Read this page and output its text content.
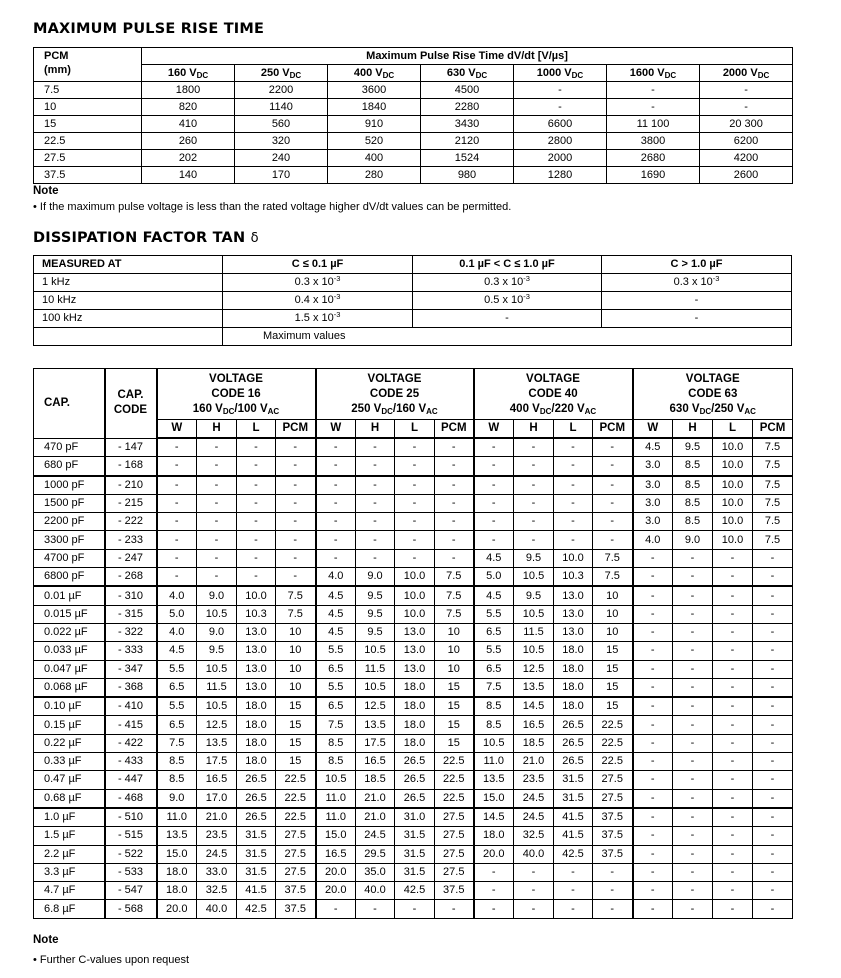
MAXIMUM PULSE RISE TIME
PCM
(mm)	Maximum Pulse Rise Time dV/dt [V/µs]						
	160 $V_{DC}$	250 $V_{DC}$	400 $V_{DC}$	630 $V_{DC}$	1000 $V_{DC}$	1600 $V_{DC}$	2000 $V_{DC}$
7.5	1800	2200	3600	4500	-	-	-
10	820	1140	1840	2280	-	-	-
15	410	560	910	3430	6600	11 100	20 300
22.5	260	320	520	2120	2800	3800	6200
27.5	202	240	400	1524	2000	2680	4200
37.5	140	170	280	980	1280	1690	2600
Note
• If the maximum pulse voltage is less than the rated voltage higher dV/dt values can be permitted.
DISSIPATION FACTOR TAN δ
MEASURED AT	C ≤ 0.1 µF	0.1 µF < C ≤ 1.0 µF	C > 1.0 µF
1 kHz	0.3 x $10^{-3}$	0.3 x $10^{-3}$	0.3 x $10^{-3}$
10 kHz	0.4 x $10^{-3}$	0.5 x $10^{-3}$	-
100 kHz	1.5 x $10^{-3}$	-	-
	Maximum values		
CAP.	
CAP.
CODE

VOLTAGE
CODE 16
160 $V_{DC}/100$ $V_{AC}$

VOLTAGE
CODE 25
250 $V_{DC}/160$ $V_{AC}$

VOLTAGE
CODE 40
400 $V_{DC}/220$ $V_{AC}$

VOLTAGE
CODE 63
630 $V_{DC}/250$ $V_{AC}$

		W	H	L	PCM	W	H	L	PCM	W	H	L	PCM	W	H	L	PCM
470 pF	- 147	-	-	-	-	-	-	-	-	-	-	-	-	4.5	9.5	10.0	7.5
680 pF	- 168	-	-	-	-	-	-	-	-	-	-	-	-	3.0	8.5	10.0	7.5
1000 pF	- 210	-	-	-	-	-	-	-	-	-	-	-	-	3.0	8.5	10.0	7.5
1500 pF	- 215	-	-	-	-	-	-	-	-	-	-	-	-	3.0	8.5	10.0	7.5
2200 pF	- 222	-	-	-	-	-	-	-	-	-	-	-	-	3.0	8.5	10.0	7.5
3300 pF	- 233	-	-	-	-	-	-	-	-	-	-	-	-	4.0	9.0	10.0	7.5
4700 pF	- 247	-	-	-	-	-	-	-	-	4.5	9.5	10.0	7.5	-	-	-	-
6800 pF	- 268	-	-	-	-	4.0	9.0	10.0	7.5	5.0	10.5	10.3	7.5	-	-	-	-
0.01 µF	- 310	4.0	9.0	10.0	7.5	4.5	9.5	10.0	7.5	4.5	9.5	13.0	10	-	-	-	-
0.015 µF	- 315	5.0	10.5	10.3	7.5	4.5	9.5	10.0	7.5	5.5	10.5	13.0	10	-	-	-	-
0.022 µF	- 322	4.0	9.0	13.0	10	4.5	9.5	13.0	10	6.5	11.5	13.0	10	-	-	-	-
0.033 µF	- 333	4.5	9.5	13.0	10	5.5	10.5	13.0	10	5.5	10.5	18.0	15	-	-	-	-
0.047 µF	- 347	5.5	10.5	13.0	10	6.5	11.5	13.0	10	6.5	12.5	18.0	15	-	-	-	-
0.068 µF	- 368	6.5	11.5	13.0	10	5.5	10.5	18.0	15	7.5	13.5	18.0	15	-	-	-	-
0.10 µF	- 410	5.5	10.5	18.0	15	6.5	12.5	18.0	15	8.5	14.5	18.0	15	-	-	-	-
0.15 µF	- 415	6.5	12.5	18.0	15	7.5	13.5	18.0	15	8.5	16.5	26.5	22.5	-	-	-	-
0.22 µF	- 422	7.5	13.5	18.0	15	8.5	17.5	18.0	15	10.5	18.5	26.5	22.5	-	-	-	-
0.33 µF	- 433	8.5	17.5	18.0	15	8.5	16.5	26.5	22.5	11.0	21.0	26.5	22.5	-	-	-	-
0.47 µF	- 447	8.5	16.5	26.5	22.5	10.5	18.5	26.5	22.5	13.5	23.5	31.5	27.5	-	-	-	-
0.68 µF	- 468	9.0	17.0	26.5	22.5	11.0	21.0	26.5	22.5	15.0	24.5	31.5	27.5	-	-	-	-
1.0 µF	- 510	11.0	21.0	26.5	22.5	11.0	21.0	31.0	27.5	14.5	24.5	41.5	37.5	-	-	-	-
1.5 µF	- 515	13.5	23.5	31.5	27.5	15.0	24.5	31.5	27.5	18.0	32.5	41.5	37.5	-	-	-	-
2.2 µF	- 522	15.0	24.5	31.5	27.5	16.5	29.5	31.5	27.5	20.0	40.0	42.5	37.5	-	-	-	-
3.3 µF	- 533	18.0	33.0	31.5	27.5	20.0	35.0	31.5	27.5	-	-	-	-	-	-	-	-
4.7 µF	- 547	18.0	32.5	41.5	37.5	20.0	40.0	42.5	37.5	-	-	-	-	-	-	-	-
6.8 µF	- 568	20.0	40.0	42.5	37.5	-	-	-	-	-	-	-	-	-	-	-	-
Note
• Further C-values upon request
